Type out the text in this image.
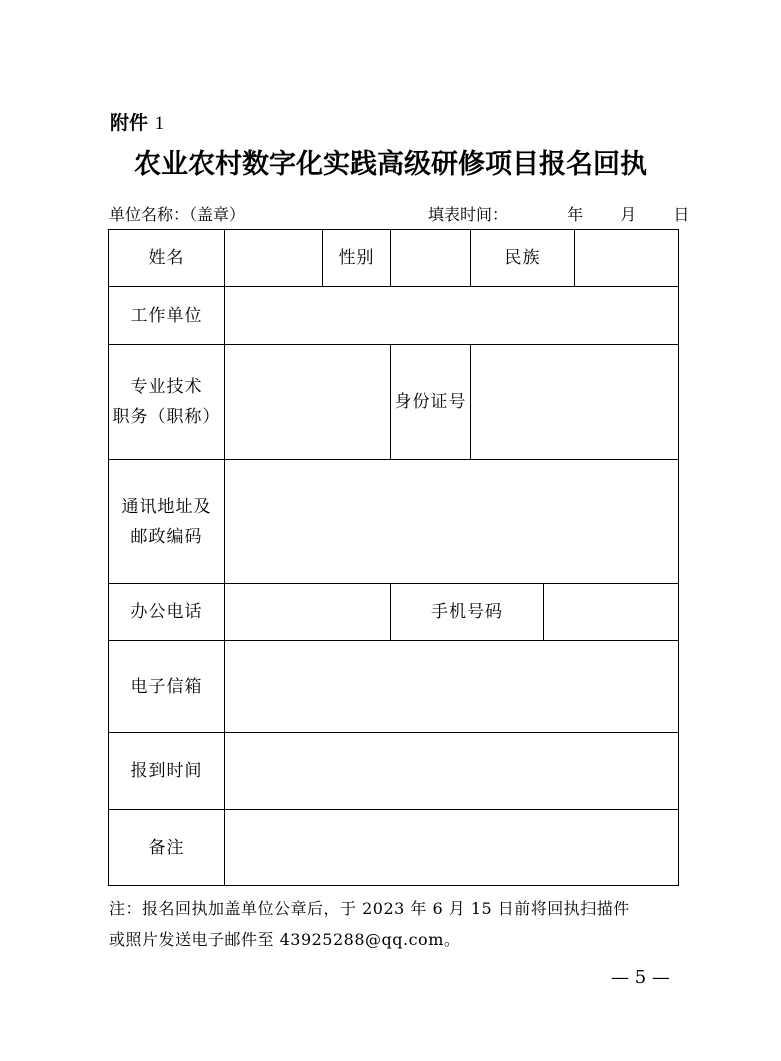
附件 1
农业农村数字化实践高级研修项目报名回执
单位名称：（盖章）	填表时间：	年 月 日
姓名		性别		民族		
工作单位						

专业技术
职务（职称）			身份证号			

通讯地址及
邮政编码						

办公电话			手机号码			
电子信箱						
报到时间						
备注						
注：报名回执加盖单位公章后，于 2023 年 6 月 15 日前将回执扫描件
或照片发送电子邮件至 43925288@qq.com。
— 5 —
